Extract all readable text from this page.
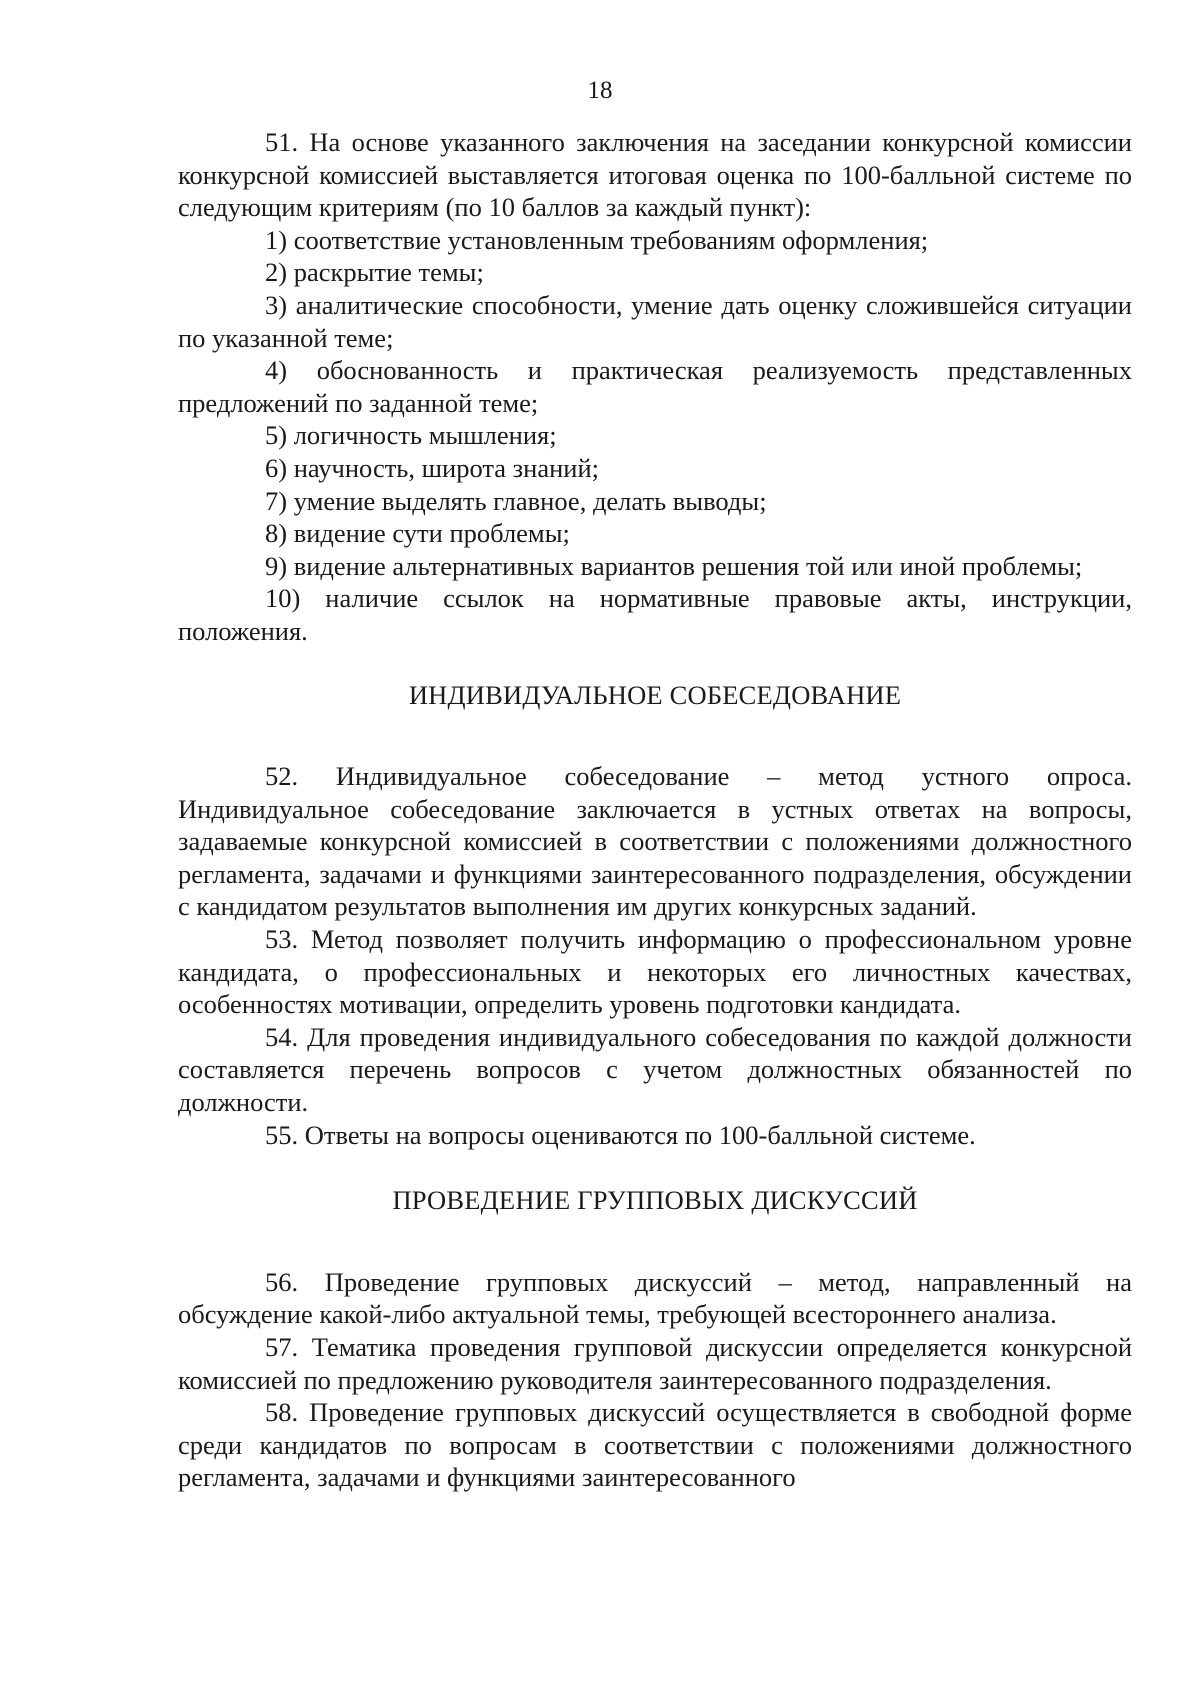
18

51. На основе указанного заключения на заседании конкурсной комиссии конкурсной комиссией выставляется итоговая оценка по 100-балльной системе по следующим критериям (по 10 баллов за каждый пункт):

1) соответствие установленным требованиям оформления;

2) раскрытие темы;

3) аналитические способности, умение дать оценку сложившейся ситуации по указанной теме;

4) обоснованность и практическая реализуемость представленных предложений по заданной теме;

5) логичность мышления;

6) научность, широта знаний;

7) умение выделять главное, делать выводы;

8) видение сути проблемы;

9) видение альтернативных вариантов решения той или иной проблемы;

10) наличие ссылок на нормативные правовые акты, инструкции, положения.

ИНДИВИДУАЛЬНОЕ СОБЕСЕДОВАНИЕ

52. Индивидуальное собеседование – метод устного опроса. Индивидуальное собеседование заключается в устных ответах на вопросы, задаваемые конкурсной комиссией в соответствии с положениями должностного регламента, задачами и функциями заинтересованного подразделения, обсуждении с кандидатом результатов выполнения им других конкурсных заданий.

53. Метод позволяет получить информацию о профессиональном уровне кандидата, о профессиональных и некоторых его личностных качествах, особенностях мотивации, определить уровень подготовки кандидата.

54. Для проведения индивидуального собеседования по каждой должности составляется перечень вопросов с учетом должностных обязанностей по должности.

55. Ответы на вопросы оцениваются по 100-балльной системе.

ПРОВЕДЕНИЕ ГРУППОВЫХ ДИСКУССИЙ

56. Проведение групповых дискуссий – метод, направленный на обсуждение какой-либо актуальной темы, требующей всестороннего анализа.

57. Тематика проведения групповой дискуссии определяется конкурсной комиссией по предложению руководителя заинтересованного подразделения.

58. Проведение групповых дискуссий осуществляется в свободной форме среди кандидатов по вопросам в соответствии с положениями должностного регламента, задачами и функциями заинтересованного
